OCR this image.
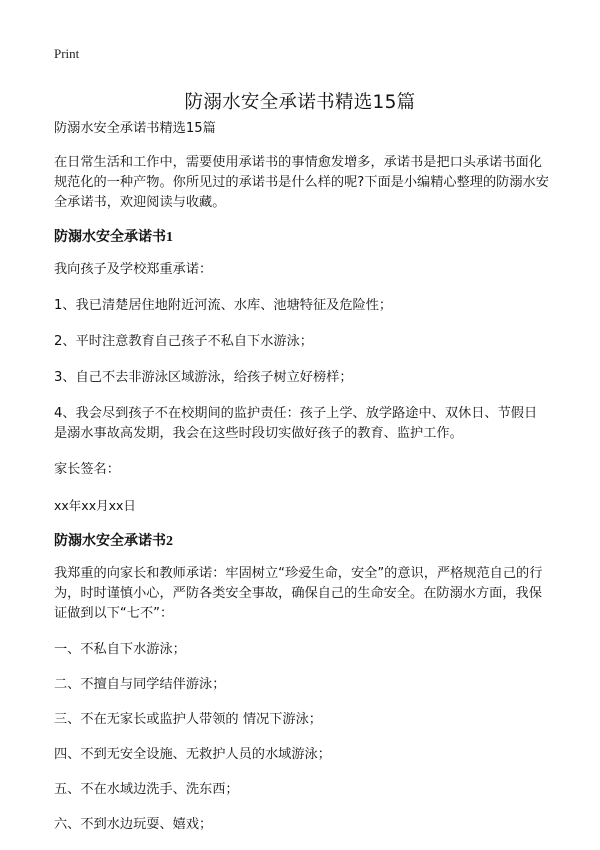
Print
防溺水安全承诺书精选15篇

防溺水安全承诺书精选15篇

在日常生活和工作中，需要使用承诺书的事情愈发增多，承诺书是把口头承诺书面化规范化的一种产物。你所见过的承诺书是什么样的呢?下面是小编精心整理的防溺水安全承诺书，欢迎阅读与收藏。

防溺水安全承诺书1

我向孩子及学校郑重承诺：

1、我已清楚居住地附近河流、水库、池塘特征及危险性；

2、平时注意教育自己孩子不私自下水游泳；

3、自己不去非游泳区域游泳，给孩子树立好榜样；

4、我会尽到孩子不在校期间的监护责任：孩子上学、放学路途中、双休日、节假日是溺水事故高发期，我会在这些时段切实做好孩子的教育、监护工作。

家长签名：

xx年xx月xx日

防溺水安全承诺书2

我郑重的向家长和教师承诺：牢固树立“珍爱生命，安全”的意识，严格规范自己的行为，时时谨慎小心，严防各类安全事故，确保自己的生命安全。在防溺水方面，我保证做到以下“七不”：

一、不私自下水游泳；

二、不擅自与同学结伴游泳；

三、不在无家长或监护人带领的 情况下游泳；

四、不到无安全设施、无救护人员的水域游泳；

五、不在水域边洗手、洗东西；

六、不到水边玩耍、嬉戏；
